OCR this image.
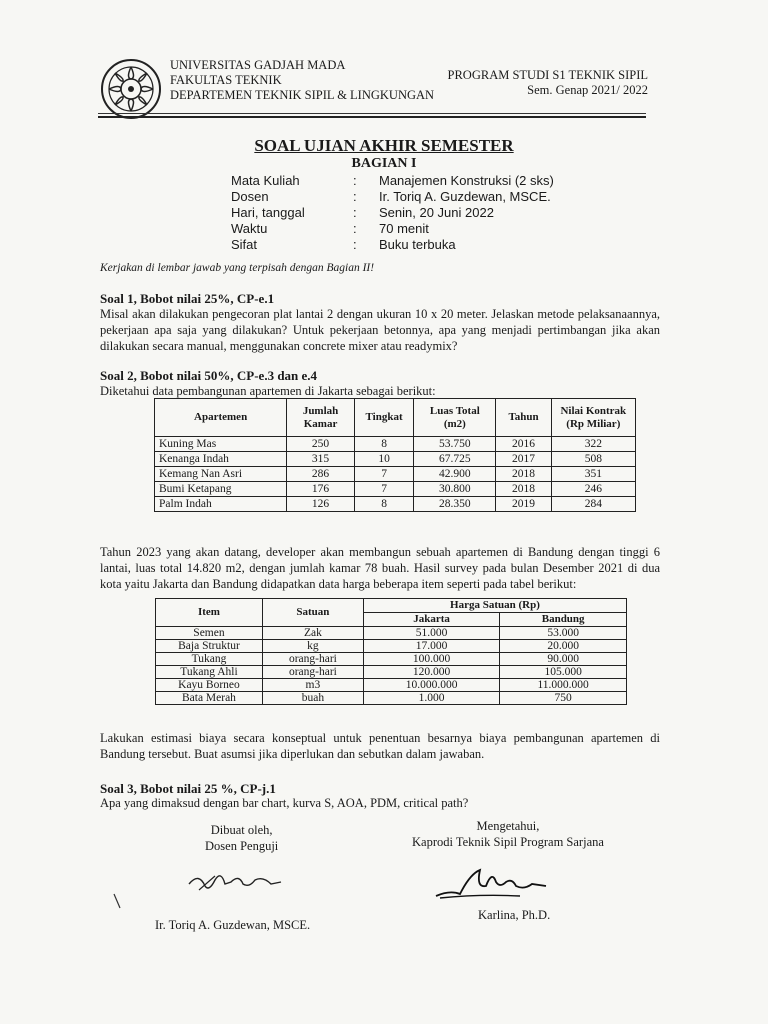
UNIVERSITAS GADJAH MADA
FAKULTAS TEKNIK
DEPARTEMEN TEKNIK SIPIL & LINGKUNGAN
PROGRAM STUDI S1 TEKNIK SIPIL
Sem. Genap 2021/ 2022
SOAL UJIAN AKHIR SEMESTER
BAGIAN I
Mata Kuliah	:	Manajemen Konstruksi (2 sks)
Dosen	:	Ir. Toriq A. Guzdewan, MSCE.
Hari, tanggal	:	Senin, 20 Juni 2022
Waktu	:	70 menit
Sifat	:	Buku terbuka
Kerjakan di lembar jawab yang terpisah dengan Bagian II!
Soal 1, Bobot nilai 25%, CP-e.1
Misal akan dilakukan pengecoran plat lantai 2 dengan ukuran 10 x 20 meter. Jelaskan metode pelaksanaannya, pekerjaan apa saja yang dilakukan? Untuk pekerjaan betonnya, apa yang menjadi pertimbangan jika akan dilakukan secara manual, menggunakan concrete mixer atau readymix?
Soal 2, Bobot nilai 50%, CP-e.3 dan e.4
Diketahui data pembangunan apartemen di Jakarta sebagai berikut:
Apartemen	Jumlah Kamar	Tingkat	Luas Total (m2)	Tahun	Nilai Kontrak (Rp Miliar)
Kuning Mas	250	8	53.750	2016	322
Kenanga Indah	315	10	67.725	2017	508
Kemang Nan Asri	286	7	42.900	2018	351
Bumi Ketapang	176	7	30.800	2018	246
Palm Indah	126	8	28.350	2019	284
Tahun 2023 yang akan datang, developer akan membangun sebuah apartemen di Bandung dengan tinggi 6 lantai, luas total 14.820 m2, dengan jumlah kamar 78 buah. Hasil survey pada bulan Desember 2021 di dua kota yaitu Jakarta dan Bandung didapatkan data harga beberapa item seperti pada tabel berikut:
Item	Satuan	Harga Satuan (Rp)	
		Jakarta	Bandung
Semen	Zak	51.000	53.000
Baja Struktur	kg	17.000	20.000
Tukang	orang-hari	100.000	90.000
Tukang Ahli	orang-hari	120.000	105.000
Kayu Borneo	m3	10.000.000	11.000.000
Bata Merah	buah	1.000	750
Lakukan estimasi biaya secara konseptual untuk penentuan besarnya biaya pembangunan apartemen di Bandung tersebut. Buat asumsi jika diperlukan dan sebutkan dalam jawaban.
Soal 3, Bobot nilai 25 %, CP-j.1
Apa yang dimaksud dengan bar chart, kurva S, AOA, PDM, critical path?
Dibuat oleh,
Dosen Penguji
Mengetahui,
Kaprodi Teknik Sipil Program Sarjana
Ir. Toriq A. Guzdewan, MSCE.
Karlina, Ph.D.
